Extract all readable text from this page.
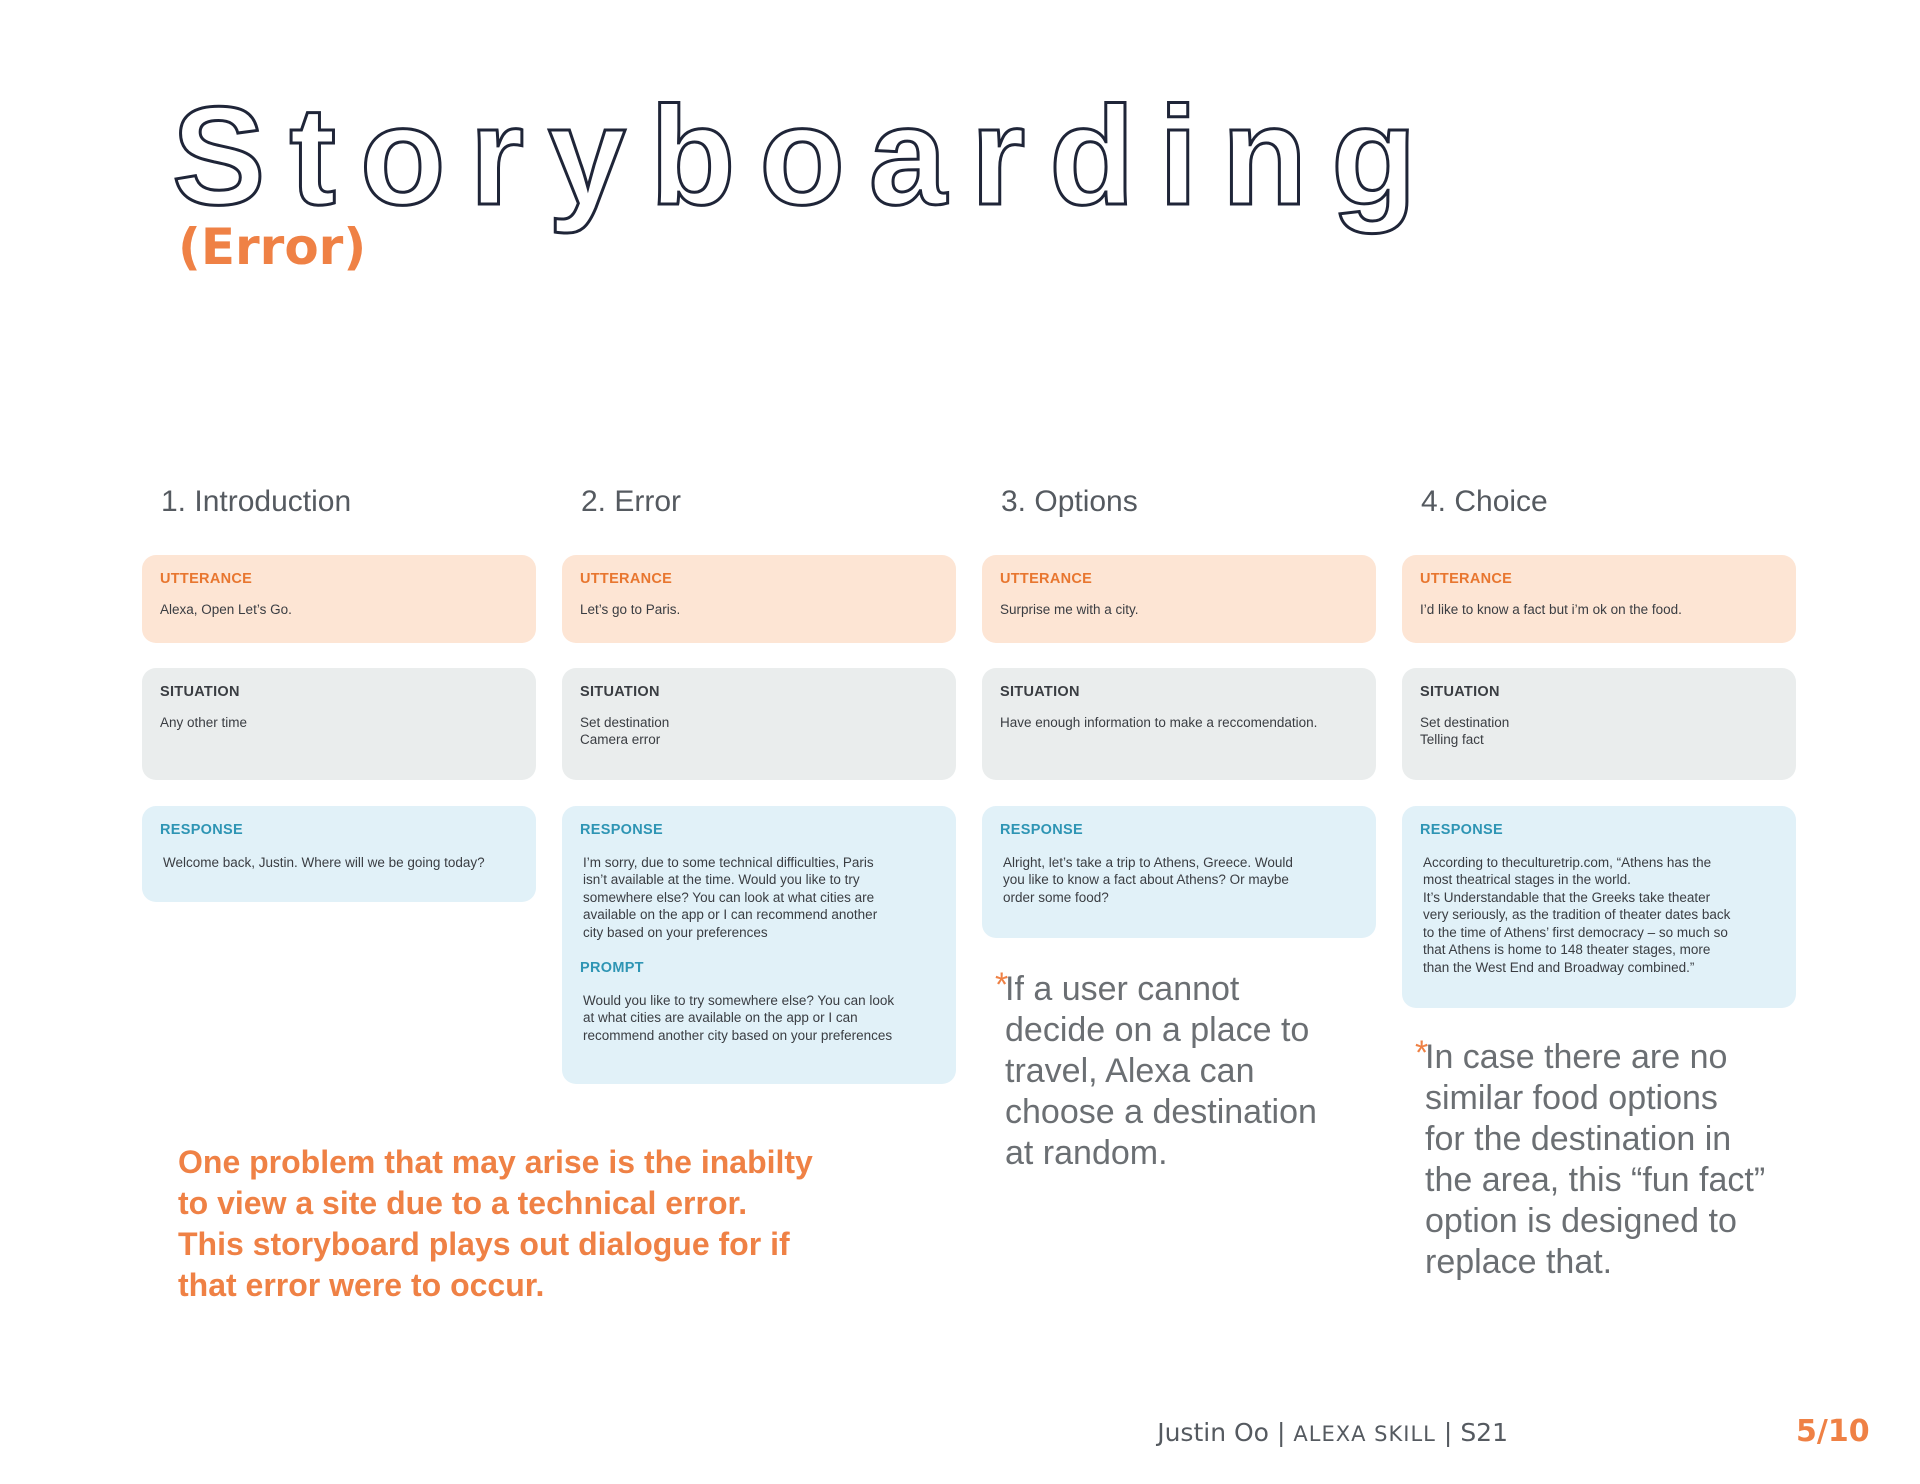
Storyboarding
(Error)
1. Introduction
UTTERANCE
Alexa, Open Let’s Go.
SITUATION
Any other time
RESPONSE
Welcome back, Justin. Where will we be going today?
2. Error
UTTERANCE
Let’s go to Paris.
SITUATION
Set destination
Camera error
RESPONSE
I’m sorry, due to some technical difficulties, Paris
isn’t available at the time. Would you like to try
somewhere else? You can look at what cities are
available on the app or I can recommend another
city based on your preferences
PROMPT
Would you like to try somewhere else? You can look
at what cities are available on the app or I can
recommend another city based on your preferences
3. Options
UTTERANCE
Surprise me with a city.
SITUATION
Have enough information to make a reccomendation.
RESPONSE
Alright, let’s take a trip to Athens, Greece. Would
you like to know a fact about Athens? Or maybe
order some food?
*
If a user cannot
decide on a place to
travel, Alexa can
choose a destination
at random.
4. Choice
UTTERANCE
I’d like to know a fact but i’m ok on the food.
SITUATION
Set destination
Telling fact
RESPONSE
According to theculturetrip.com, “Athens has the
most theatrical stages in the world.
It’s Understandable that the Greeks take theater
very seriously, as the tradition of theater dates back
to the time of Athens’ first democracy – so much so
that Athens is home to 148 theater stages, more
than the West End and Broadway combined.”
*
In case there are no
similar food options
for the destination in
the area, this “fun fact”
option is designed to
replace that.
One problem that may arise is the inabilty
to view a site due to a technical error.
This storyboard plays out dialogue for if
that error were to occur.
Justin Oo | ALEXA SKILL | S21	5/10
